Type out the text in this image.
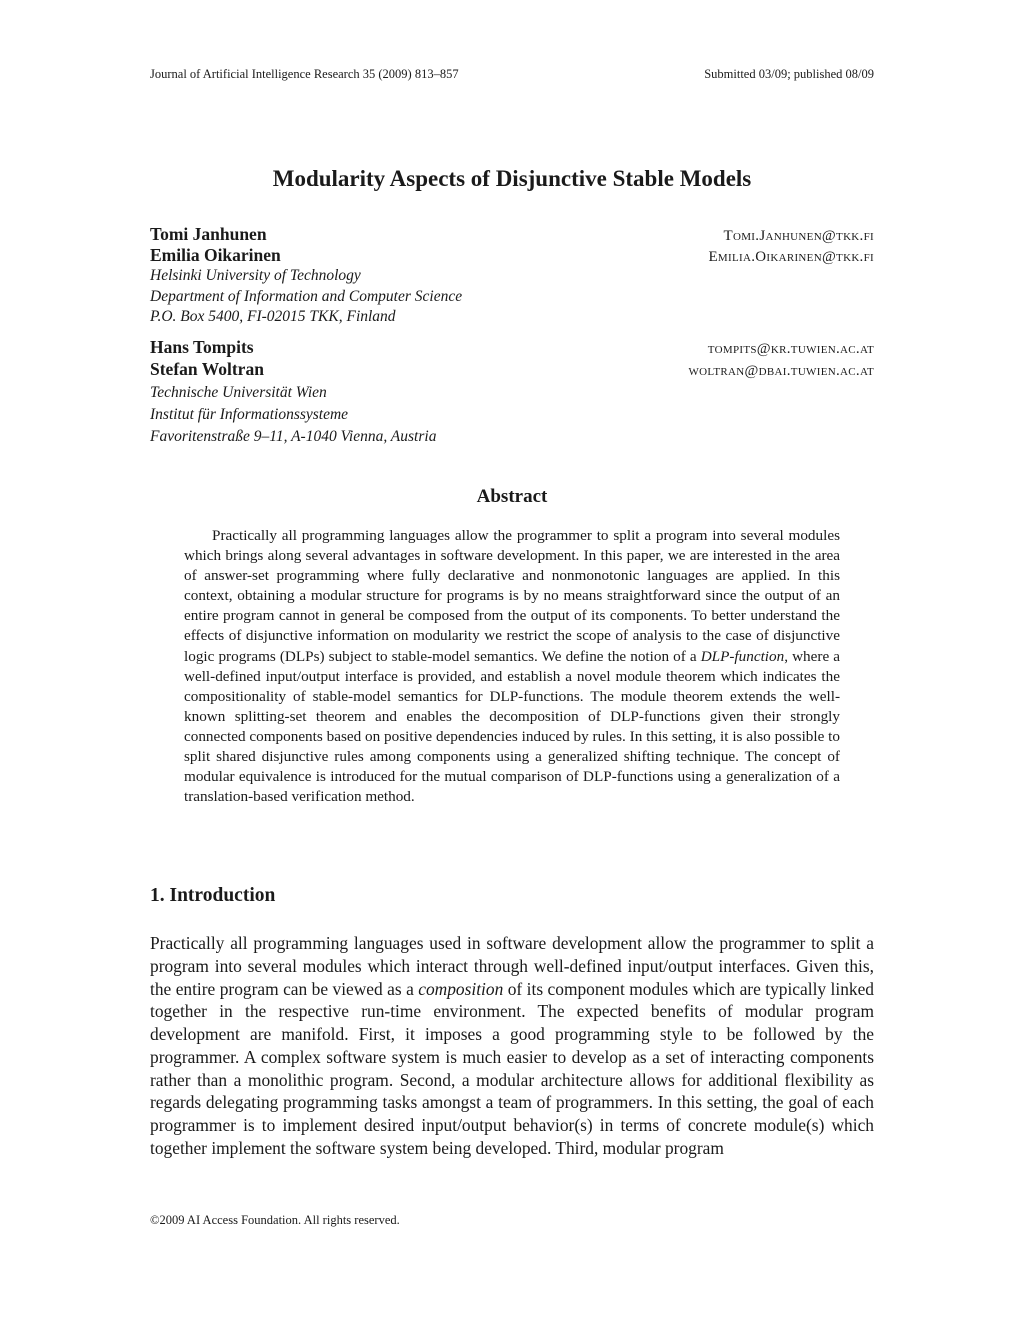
Journal of Artificial Intelligence Research 35 (2009) 813–857	Submitted 03/09; published 08/09
Modularity Aspects of Disjunctive Stable Models
Tomi Janhunen	Tomi.Janhunen@tkk.fi
Emilia Oikarinen	Emilia.Oikarinen@tkk.fi
Helsinki University of Technology
Department of Information and Computer Science
P.O. Box 5400, FI-02015 TKK, Finland
Hans Tompits	tompits@kr.tuwien.ac.at
Stefan Woltran	woltran@dbai.tuwien.ac.at
Technische Universität Wien
Institut für Informationssysteme
Favoritenstraße 9–11, A-1040 Vienna, Austria
Abstract
Practically all programming languages allow the programmer to split a program into several modules which brings along several advantages in software development. In this paper, we are interested in the area of answer-set programming where fully declarative and nonmonotonic languages are applied. In this context, obtaining a modular structure for programs is by no means straightforward since the output of an entire program cannot in general be composed from the output of its components. To better understand the effects of disjunctive information on modularity we restrict the scope of analysis to the case of disjunctive logic programs (DLPs) subject to stable-model semantics. We define the notion of a DLP-function, where a well-defined input/output interface is provided, and establish a novel module theorem which indicates the compositionality of stable-model semantics for DLP-functions. The module theorem extends the well-known splitting-set theorem and enables the decomposition of DLP-functions given their strongly connected components based on positive dependencies induced by rules. In this setting, it is also possible to split shared disjunctive rules among components using a generalized shifting technique. The concept of modular equivalence is introduced for the mutual comparison of DLP-functions using a generalization of a translation-based verification method.
1. Introduction
Practically all programming languages used in software development allow the programmer to split a program into several modules which interact through well-defined input/output interfaces. Given this, the entire program can be viewed as a composition of its component modules which are typically linked together in the respective run-time environment. The expected benefits of modular program development are manifold. First, it imposes a good programming style to be followed by the programmer. A complex software system is much easier to develop as a set of interacting components rather than a monolithic program. Second, a modular architecture allows for additional flexibility as regards delegating programming tasks amongst a team of programmers. In this setting, the goal of each programmer is to implement desired input/output behavior(s) in terms of concrete module(s) which together implement the software system being developed. Third, modular program
©2009 AI Access Foundation. All rights reserved.
